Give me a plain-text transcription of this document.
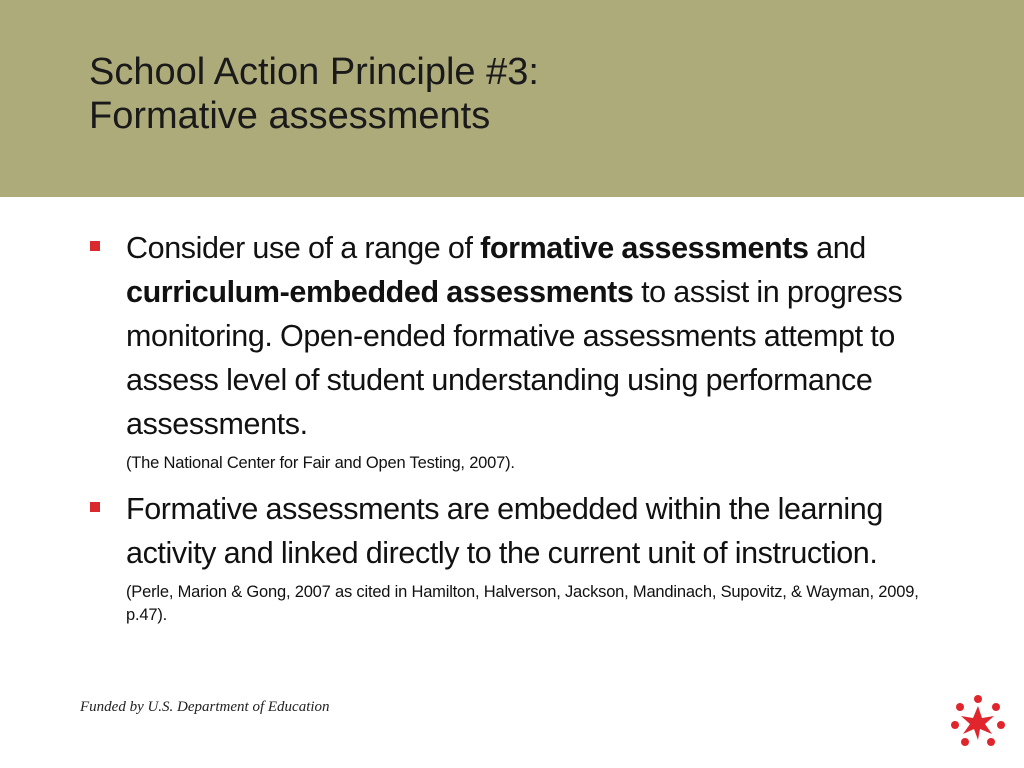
School Action Principle #3:
Formative assessments
Consider use of a range of formative assessments and curriculum-embedded assessments to assist in progress monitoring. Open-ended formative assessments attempt to assess level of student understanding using performance assessments.
(The National Center for Fair and Open Testing, 2007).
Formative assessments are embedded within the learning activity and linked directly to the current unit of instruction.
(Perle, Marion & Gong, 2007 as cited in Hamilton, Halverson, Jackson, Mandinach, Supovitz, & Wayman, 2009, p.47).
Funded by U.S. Department of Education
